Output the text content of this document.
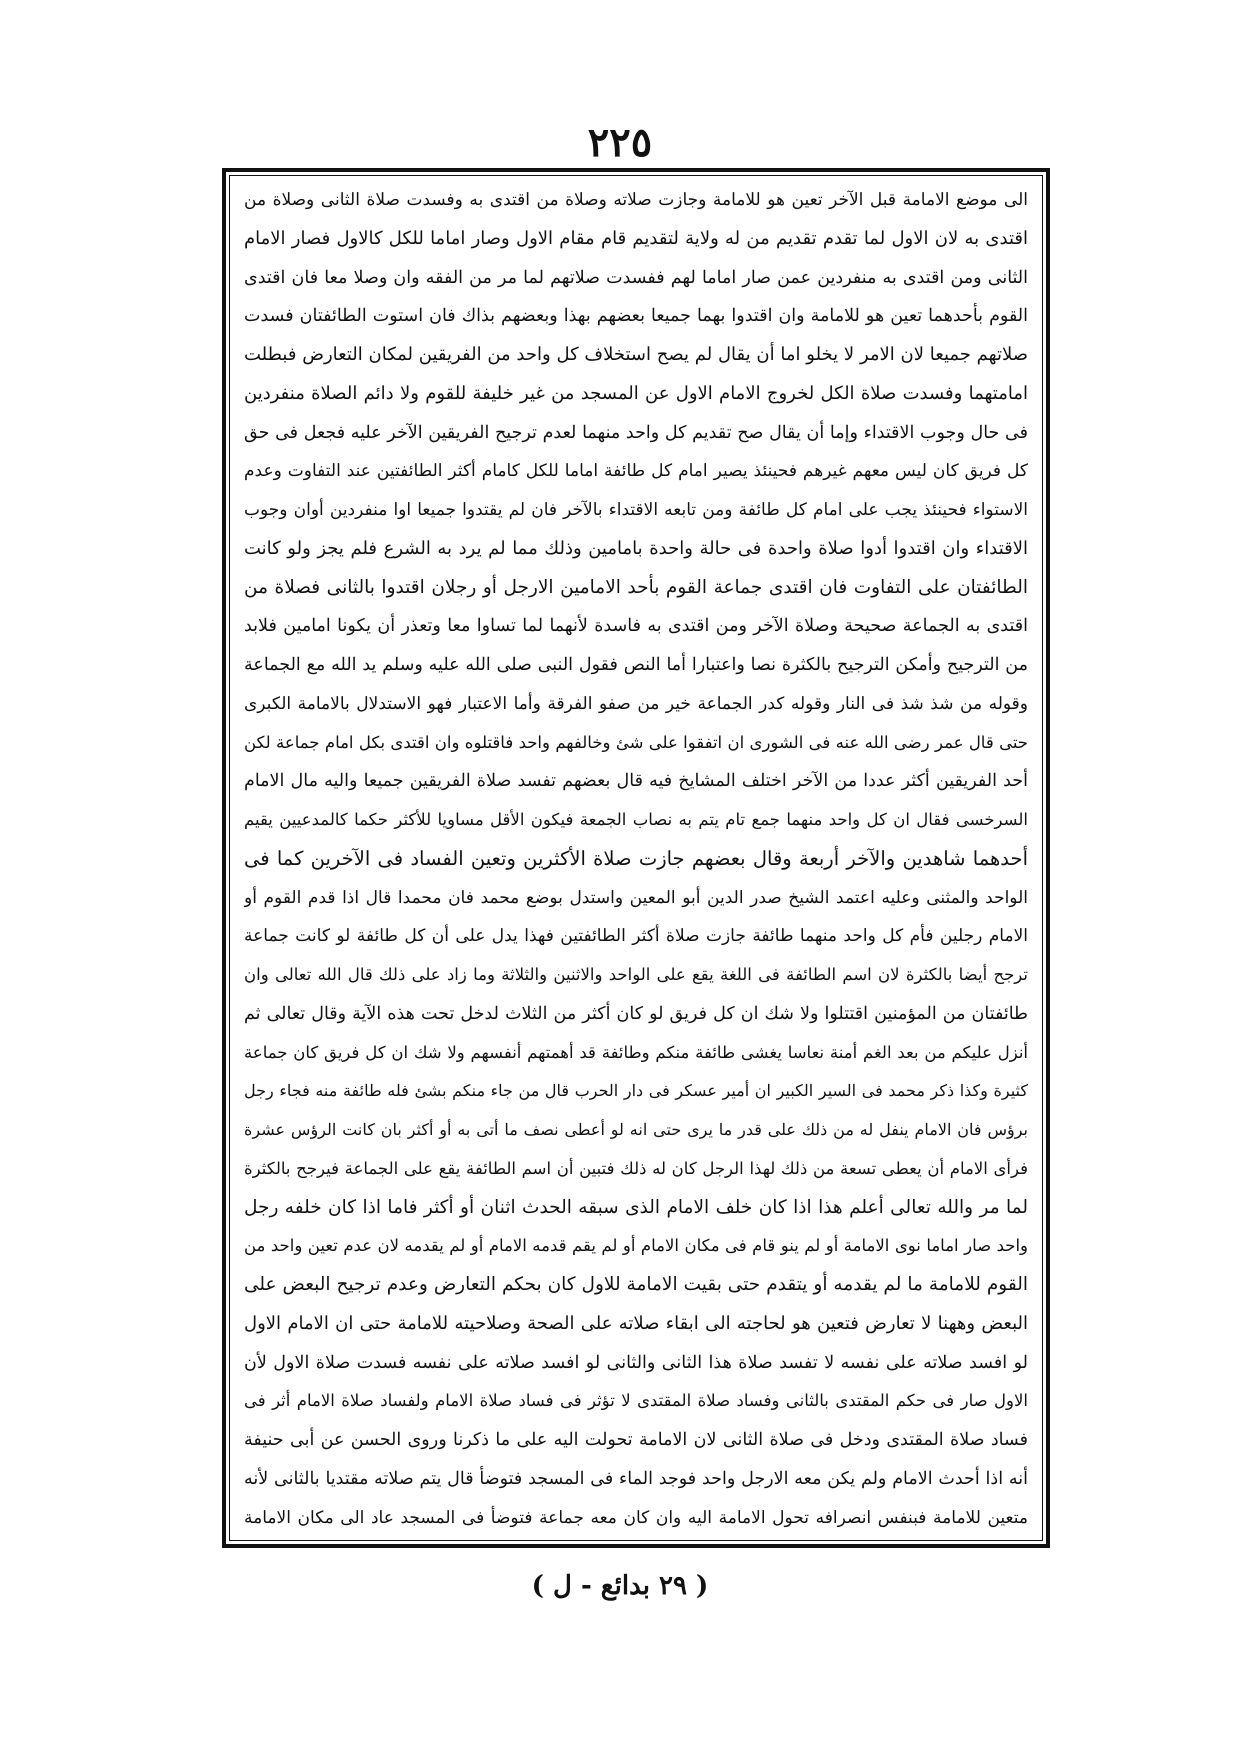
٢٢٥
الى موضع الامامة قبل الآخر تعين هو للامامة وجازت صلاته وصلاة من اقتدى به وفسدت صلاة الثانى وصلاة من
اقتدى به لان الاول لما تقدم تقديم من له ولاية لتقديم قام مقام الاول وصار اماما للكل كالاول فصار الامام
الثانى ومن اقتدى به منفردين عمن صار اماما لهم ففسدت صلاتهم لما مر من الفقه وان وصلا معا فان اقتدى
القوم بأحدهما تعين هو للامامة وان اقتدوا بهما جميعا بعضهم بهذا وبعضهم بذاك فان استوت الطائفتان فسدت
صلاتهم جميعا لان الامر لا يخلو اما أن يقال لم يصح استخلاف كل واحد من الفريقين لمكان التعارض فبطلت
امامتهما وفسدت صلاة الكل لخروج الامام الاول عن المسجد من غير خليفة للقوم ولا دائم الصلاة منفردين
فى حال وجوب الاقتداء وإما أن يقال صح تقديم كل واحد منهما لعدم ترجيح الفريقين الآخر عليه فجعل فى حق
كل فريق كان ليس معهم غيرهم فحينئذ يصير امام كل طائفة اماما للكل كامام أكثر الطائفتين عند التفاوت وعدم
الاستواء فحينئذ يجب على امام كل طائفة ومن تابعه الاقتداء بالآخر فان لم يقتدوا جميعا اوا منفردين أوان وجوب
الاقتداء وان اقتدوا أدوا صلاة واحدة فى حالة واحدة بامامين وذلك مما لم يرد به الشرع فلم يجز ولو كانت
الطائفتان على التفاوت فان اقتدى جماعة القوم بأحد الامامين الارجل أو رجلان اقتدوا بالثانى فصلاة من
اقتدى به الجماعة صحيحة وصلاة الآخر ومن اقتدى به فاسدة لأنهما لما تساوا معا وتعذر أن يكونا امامين فلابد
من الترجيح وأمكن الترجيح بالكثرة نصا واعتبارا أما النص فقول النبى صلى الله عليه وسلم يد الله مع الجماعة
وقوله من شذ شذ فى النار وقوله كدر الجماعة خير من صفو الفرقة وأما الاعتبار فهو الاستدلال بالامامة الكبرى
حتى قال عمر رضى الله عنه فى الشورى ان اتفقوا على شئ وخالفهم واحد فاقتلوه وان اقتدى بكل امام جماعة لكن
أحد الفريقين أكثر عددا من الآخر اختلف المشايخ فيه قال بعضهم تفسد صلاة الفريقين جميعا واليه مال الامام
السرخسى فقال ان كل واحد منهما جمع تام يتم به نصاب الجمعة فيكون الأقل مساويا للأكثر حكما كالمدعيين يقيم
أحدهما شاهدين والآخر أربعة وقال بعضهم جازت صلاة الأكثرين وتعين الفساد فى الآخرين كما فى
الواحد والمثنى وعليه اعتمد الشيخ صدر الدين أبو المعين واستدل بوضع محمد فان محمدا قال اذا قدم القوم أو
الامام رجلين فأم كل واحد منهما طائفة جازت صلاة أكثر الطائفتين فهذا يدل على أن كل طائفة لو كانت جماعة
ترجح أيضا بالكثرة لان اسم الطائفة فى اللغة يقع على الواحد والاثنين والثلاثة وما زاد على ذلك قال الله تعالى وان
طائفتان من المؤمنين اقتتلوا ولا شك ان كل فريق لو كان أكثر من الثلاث لدخل تحت هذه الآية وقال تعالى ثم
أنزل عليكم من بعد الغم أمنة نعاسا يغشى طائفة منكم وطائفة قد أهمتهم أنفسهم ولا شك ان كل فريق كان جماعة
كثيرة وكذا ذكر محمد فى السير الكبير ان أمير عسكر فى دار الحرب قال من جاء منكم بشئ فله طائفة منه فجاء رجل
برؤس فان الامام ينفل له من ذلك على قدر ما يرى حتى انه لو أعطى نصف ما أتى به أو أكثر بان كانت الرؤس عشرة
فرأى الامام أن يعطى تسعة من ذلك لهذا الرجل كان له ذلك فتبين أن اسم الطائفة يقع على الجماعة فيرجح بالكثرة
لما مر والله تعالى أعلم هذا اذا كان خلف الامام الذى سبقه الحدث اثنان أو أكثر فاما اذا كان خلفه رجل
واحد صار اماما نوى الامامة أو لم ينو قام فى مكان الامام أو لم يقم قدمه الامام أو لم يقدمه لان عدم تعين واحد من
القوم للامامة ما لم يقدمه أو يتقدم حتى بقيت الامامة للاول كان بحكم التعارض وعدم ترجيح البعض على
البعض وههنا لا تعارض فتعين هو لحاجته الى ابقاء صلاته على الصحة وصلاحيته للامامة حتى ان الامام الاول
لو افسد صلاته على نفسه لا تفسد صلاة هذا الثانى والثانى لو افسد صلاته على نفسه فسدت صلاة الاول لأن
الاول صار فى حكم المقتدى بالثانى وفساد صلاة المقتدى لا تؤثر فى فساد صلاة الامام ولفساد صلاة الامام أثر فى
فساد صلاة المقتدى ودخل فى صلاة الثانى لان الامامة تحولت اليه على ما ذكرنا وروى الحسن عن أبى حنيفة
أنه اذا أحدث الامام ولم يكن معه الارجل واحد فوجد الماء فى المسجد فتوضأ قال يتم صلاته مقتديا بالثانى لأنه
متعين للامامة فبنفس انصرافه تحول الامامة اليه وان كان معه جماعة فتوضأ فى المسجد عاد الى مكان الامامة
( ٢٩ بدائع - ل )
